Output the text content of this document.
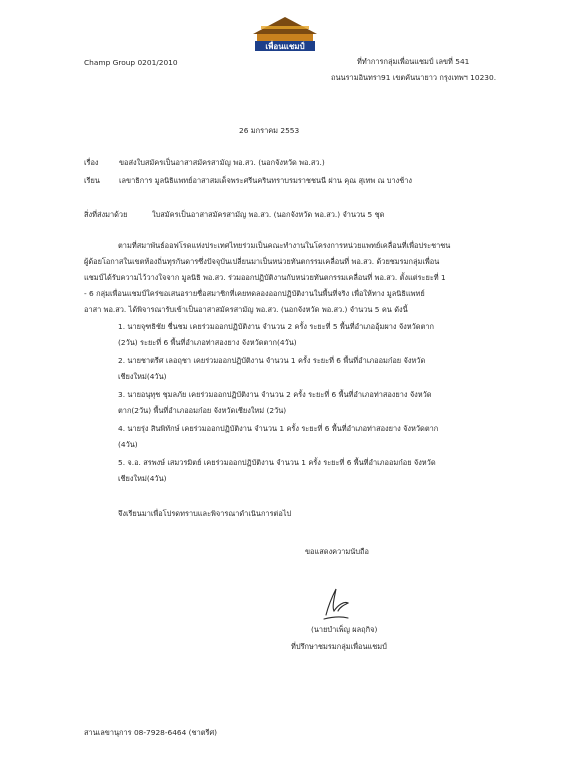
เพื่อนแชมป์
Champ Group 0201/2010	ที่ทำการกลุ่มเพื่อนแชมป์ เลขที่ 541
ถนนรามอินทรา91 เขตคันนายาว กรุงเทพฯ 10230.
26 มกราคม 2553
เรื่อง	ขอส่งใบสมัครเป็นอาสาสมัครสามัญ พอ.สว. (นอกจังหวัด พอ.สว.)
เรียน	เลขาธิการ มูลนิธิแพทย์อาสาสมเด็จพระศรีนครินทราบรมราชชนนี ผ่าน คุณ สุเทพ ณ บางช้าง
สิ่งที่ส่งมาด้วย	ใบสมัครเป็นอาสาสมัครสามัญ พอ.สว. (นอกจังหวัด พอ.สว.) จำนวน 5 ชุด
ตามที่สมาพันธ์ออฟโรดแห่งประเทศไทยร่วมเป็นคณะทำงานในโครงการหน่วยแพทย์เคลื่อนที่เพื่อประชาชน
ผู้ด้อยโอกาสในเขตท้องถิ่นทุรกันดารซึ่งปัจจุบันเปลี่ยนมาเป็นหน่วยทันตกรรมเคลื่อนที่ พอ.สว. ด้วยชมรมกลุ่มเพื่อน
แชมป์ได้รับความไว้วางใจจาก มูลนิธิ พอ.สว. ร่วมออกปฏิบัติงานกับหน่วยทันตกรรมเคลื่อนที่ พอ.สว. ตั้งแต่ระยะที่ 1
- 6 กลุ่มเพื่อนแชมป์ใคร่ขอเสนอรายชื่อสมาชิกที่เคยทดลองออกปฏิบัติงานในพื้นที่จริง เพื่อให้ทาง มูลนิธิแพทย์
อาสา พอ.สว. ได้พิจารณารับเข้าเป็นอาสาสมัครสามัญ พอ.สว. (นอกจังหวัด พอ.สว.) จำนวน 5 คน ดังนี้
1. นายจุฑธิชัย ชื่นชม เคยร่วมออกปฏิบัติงาน จำนวน 2 ครั้ง ระยะที่ 5 พื้นที่อำเภออุ้มผาง จังหวัดตาก
(2วัน) ระยะที่ 6 พื้นที่อำเภอท่าสองยาง จังหวัดตาก(4วัน)
2. นายชาตรีศ เลอฤชา เคยร่วมออกปฏิบัติงาน จำนวน 1 ครั้ง ระยะที่ 6 พื้นที่อำเภออมก๋อย จังหวัด
เชียงใหม่(4วัน)
3. นายอนุทุช ชุมลภัย เคยร่วมออกปฏิบัติงาน จำนวน 2 ครั้ง ระยะที่ 6 พื้นที่อำเภอท่าสองยาง จังหวัด
ตาก(2วัน) พื้นที่อำเภออมก๋อย จังหวัดเชียงใหม่ (2วัน)
4. นายรุ่ง สินพิทักษ์ เคยร่วมออกปฏิบัติงาน จำนวน 1 ครั้ง ระยะที่ 6 พื้นที่อำเภอท่าสองยาง จังหวัดตาก
(4วัน)
5. จ.อ. สรพงษ์ เสมวรมิตย์ เคยร่วมออกปฏิบัติงาน จำนวน 1 ครั้ง ระยะที่ 6 พื้นที่อำเภออมก๋อย จังหวัด
เชียงใหม่(4วัน)
จึงเรียนมาเพื่อโปรดทราบและพิจารณาดำเนินการต่อไป
ขอแสดงความนับถือ
(นายบำเพ็ญ ผลฤกิจ)
ที่ปรึกษาชมรมกลุ่มเพื่อนแชมป์
สานเลขานุการ 08-7928-6464 (ชาตรีศ)
